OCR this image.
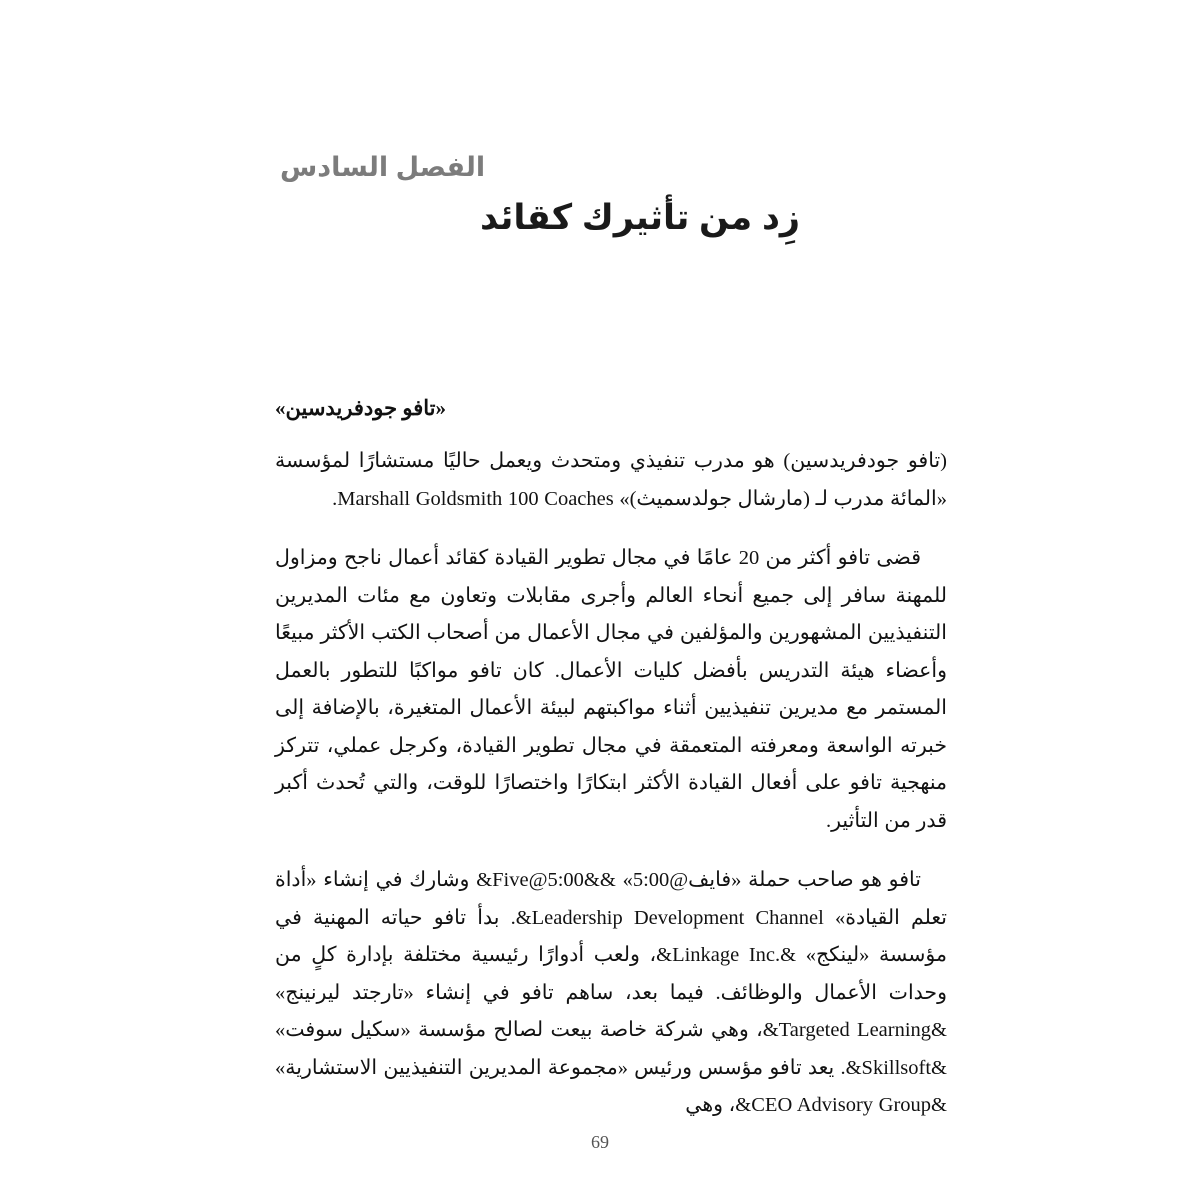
الفصل السادس
زِد من تأثيرك كقائد
«تافو جودفريدسين»

(تافو جودفريدسين) هو مدرب تنفيذي ومتحدث ويعمل حاليًا مستشارًا لمؤسسة «المائة مدرب لـ (مارشال جولدسميث)» Marshall Goldsmith 100 Coaches.

قضى تافو أكثر من 20 عامًا في مجال تطوير القيادة كقائد أعمال ناجح ومزاول للمهنة سافر إلى جميع أنحاء العالم وأجرى مقابلات وتعاون مع مئات المديرين التنفيذيين المشهورين والمؤلفين في مجال الأعمال من أصحاب الكتب الأكثر مبيعًا وأعضاء هيئة التدريس بأفضل كليات الأعمال. كان تافو مواكبًا للتطور بالعمل المستمر مع مديرين تنفيذيين أثناء مواكبتهم لبيئة الأعمال المتغيرة، بالإضافة إلى خبرته الواسعة ومعرفته المتعمقة في مجال تطوير القيادة، وكرجل عملي، تتركز منهجية تافو على أفعال القيادة الأكثر ابتكارًا واختصارًا للوقت، والتي تُحدث أكبر قدر من التأثير.

تافو هو صاحب حملة «فايف@5:00» &Five@5:00&& وشارك في إنشاء «أداة تعلم القيادة» &Leadership Development Channel. بدأ تافو حياته المهنية في مؤسسة «لينكج» &Linkage Inc.&، ولعب أدوارًا رئيسية مختلفة بإدارة كلٍ من وحدات الأعمال والوظائف. فيما بعد، ساهم تافو في إنشاء «تارجتد ليرنينج» &Targeted Learning&، وهي شركة خاصة بيعت لصالح مؤسسة «سكيل سوفت» &Skillsoft&. يعد تافو مؤسس ورئيس «مجموعة المديرين التنفيذيين الاستشارية» &CEO Advisory Group&، وهي

69
